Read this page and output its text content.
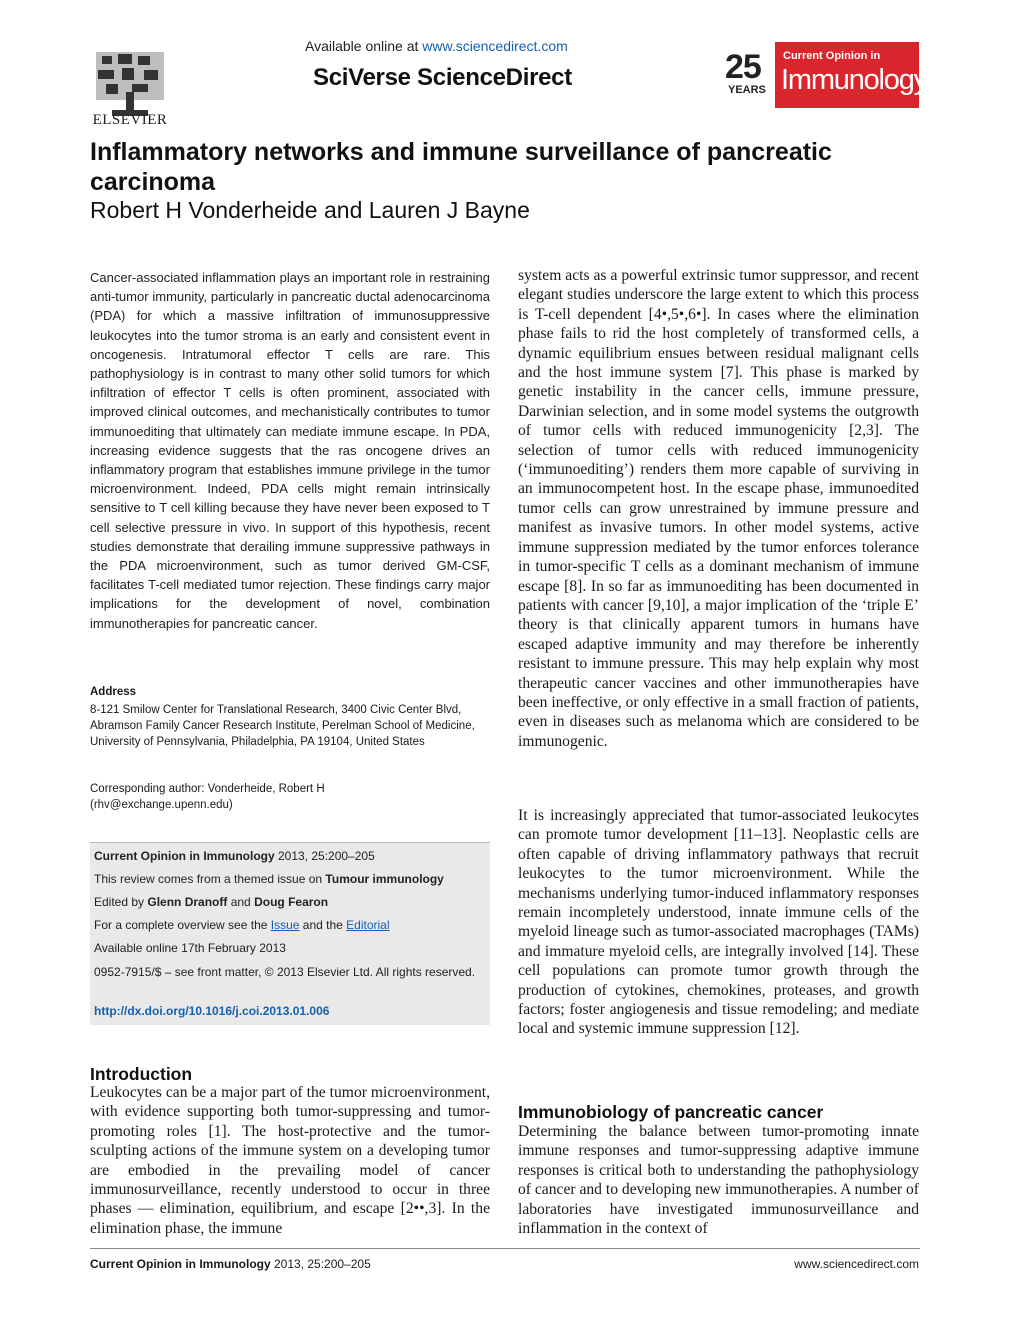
ELSEVIER
Available online at www.sciencedirect.com
SciVerse ScienceDirect	25
YEARS
Current Opinion in
Immunology
Inflammatory networks and immune surveillance of pancreatic carcinoma
Robert H Vonderheide and Lauren J Bayne
Cancer-associated inflammation plays an important role in restraining anti-tumor immunity, particularly in pancreatic ductal adenocarcinoma (PDA) for which a massive infiltration of immunosuppressive leukocytes into the tumor stroma is an early and consistent event in oncogenesis. Intratumoral effector T cells are rare. This pathophysiology is in contrast to many other solid tumors for which infiltration of effector T cells is often prominent, associated with improved clinical outcomes, and mechanistically contributes to tumor immunoediting that ultimately can mediate immune escape. In PDA, increasing evidence suggests that the ras oncogene drives an inflammatory program that establishes immune privilege in the tumor microenvironment. Indeed, PDA cells might remain intrinsically sensitive to T cell killing because they have never been exposed to T cell selective pressure in vivo. In support of this hypothesis, recent studies demonstrate that derailing immune suppressive pathways in the PDA microenvironment, such as tumor derived GM-CSF, facilitates T-cell mediated tumor rejection. These findings carry major implications for the development of novel, combination immunotherapies for pancreatic cancer.
Address
8-121 Smilow Center for Translational Research, 3400 Civic Center Blvd, Abramson Family Cancer Research Institute, Perelman School of Medicine, University of Pennsylvania, Philadelphia, PA 19104, United States
Corresponding author: Vonderheide, Robert H
(rhv@exchange.upenn.edu)
Current Opinion in Immunology 2013, 25:200–205
This review comes from a themed issue on Tumour immunology
Edited by Glenn Dranoff and Doug Fearon
For a complete overview see the Issue and the Editorial
Available online 17th February 2013
0952-7915/$ – see front matter, © 2013 Elsevier Ltd. All rights reserved.
http://dx.doi.org/10.1016/j.coi.2013.01.006
Introduction
Leukocytes can be a major part of the tumor microenvironment, with evidence supporting both tumor-suppressing and tumor-promoting roles [1]. The host-protective and the tumor-sculpting actions of the immune system on a developing tumor are embodied in the prevailing model of cancer immunosurveillance, recently understood to occur in three phases — elimination, equilibrium, and escape [2••,3]. In the elimination phase, the immune
system acts as a powerful extrinsic tumor suppressor, and recent elegant studies underscore the large extent to which this process is T-cell dependent [4•,5•,6•]. In cases where the elimination phase fails to rid the host completely of transformed cells, a dynamic equilibrium ensues between residual malignant cells and the host immune system [7]. This phase is marked by genetic instability in the cancer cells, immune pressure, Darwinian selection, and in some model systems the outgrowth of tumor cells with reduced immunogenicity [2,3]. The selection of tumor cells with reduced immunogenicity (‘immunoediting’) renders them more capable of surviving in an immunocompetent host. In the escape phase, immunoedited tumor cells can grow unrestrained by immune pressure and manifest as invasive tumors. In other model systems, active immune suppression mediated by the tumor enforces tolerance in tumor-specific T cells as a dominant mechanism of immune escape [8]. In so far as immunoediting has been documented in patients with cancer [9,10], a major implication of the ‘triple E’ theory is that clinically apparent tumors in humans have escaped adaptive immunity and may therefore be inherently resistant to immune pressure. This may help explain why most therapeutic cancer vaccines and other immunotherapies have been ineffective, or only effective in a small fraction of patients, even in diseases such as melanoma which are considered to be immunogenic.
It is increasingly appreciated that tumor-associated leukocytes can promote tumor development [11–13]. Neoplastic cells are often capable of driving inflammatory pathways that recruit leukocytes to the tumor microenvironment. While the mechanisms underlying tumor-induced inflammatory responses remain incompletely understood, innate immune cells of the myeloid lineage such as tumor-associated macrophages (TAMs) and immature myeloid cells, are integrally involved [14]. These cell populations can promote tumor growth through the production of cytokines, chemokines, proteases, and growth factors; foster angiogenesis and tissue remodeling; and mediate local and systemic immune suppression [12].
Immunobiology of pancreatic cancer
Determining the balance between tumor-promoting innate immune responses and tumor-suppressing adaptive immune responses is critical both to understanding the pathophysiology of cancer and to developing new immunotherapies. A number of laboratories have investigated immunosurveillance and inflammation in the context of
Current Opinion in Immunology 2013, 25:200–205	www.sciencedirect.com
